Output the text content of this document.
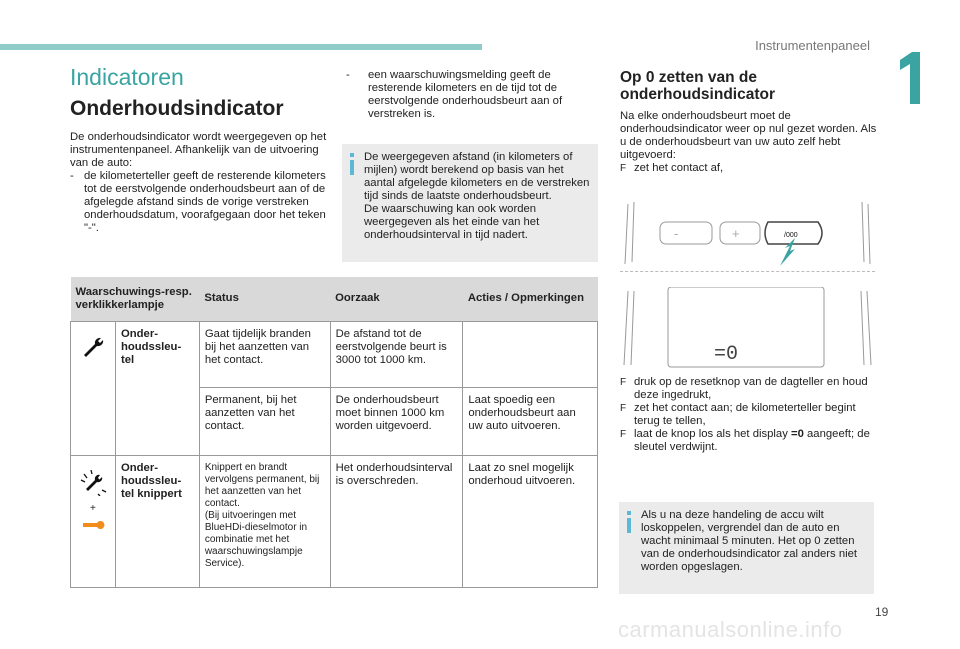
Instrumentenpaneel
Indicatoren
Onderhoudsindicator
De onderhoudsindicator wordt weergegeven op het instrumentenpaneel. Afhankelijk van de uitvoering van de auto:
- de kilometerteller geeft de resterende kilometers tot de eerstvolgende onderhoudsbeurt aan of de afgelegde afstand sinds de vorige verstreken onderhoudsdatum, voorafgegaan door het teken "-".
-	een waarschuwingsmelding geeft de resterende kilometers en de tijd tot de eerstvolgende onderhoudsbeurt aan of verstreken is.
De weergegeven afstand (in kilometers of mijlen) wordt berekend op basis van het aantal afgelegde kilometers en de verstreken tijd sinds de laatste onderhoudsbeurt.
De waarschuwing kan ook worden weergegeven als het einde van het onderhoudsinterval in tijd nadert.
Waarschuwings-resp. verklikkerlampje		Status	Oorzaak	Acties / Opmerkingen
	Onder-houdssleu-tel	Gaat tijdelijk branden bij het aanzetten van het contact.	De afstand tot de eerstvolgende beurt is 3000 tot 1000 km.	
		Permanent, bij het aanzetten van het contact.	De onderhoudsbeurt moet binnen 1000 km worden uitgevoerd.	Laat spoedig een onderhoudsbeurt aan uw auto uitvoeren.

+	Onder-houdssleu-tel knippert	Knippert en brandt vervolgens permanent, bij het aanzetten van het contact.
(Bij uitvoeringen met BlueHDi-dieselmotor in combinatie met het waarschuwingslampje Service).	Het onderhoudsinterval is overschreden.	Laat zo snel mogelijk onderhoud uitvoeren.
Op 0 zetten van de
onderhoudsindicator
Na elke onderhoudsbeurt moet de onderhoudsindicator weer op nul gezet worden. Als u de onderhoudsbeurt van uw auto zelf hebt uitgevoerd:
F zet het contact af,
-	+	/000
=0
F druk op de resetknop van de dagteller en houd deze ingedrukt,
F zet het contact aan; de kilometerteller begint terug te tellen,
F laat de knop los als het display =0 aangeeft; de sleutel verdwijnt.
Als u na deze handeling de accu wilt loskoppelen, vergrendel dan de auto en wacht minimaal 5 minuten. Het op 0 zetten van de onderhoudsindicator zal anders niet worden opgeslagen.
19
carmanualsonline.info
